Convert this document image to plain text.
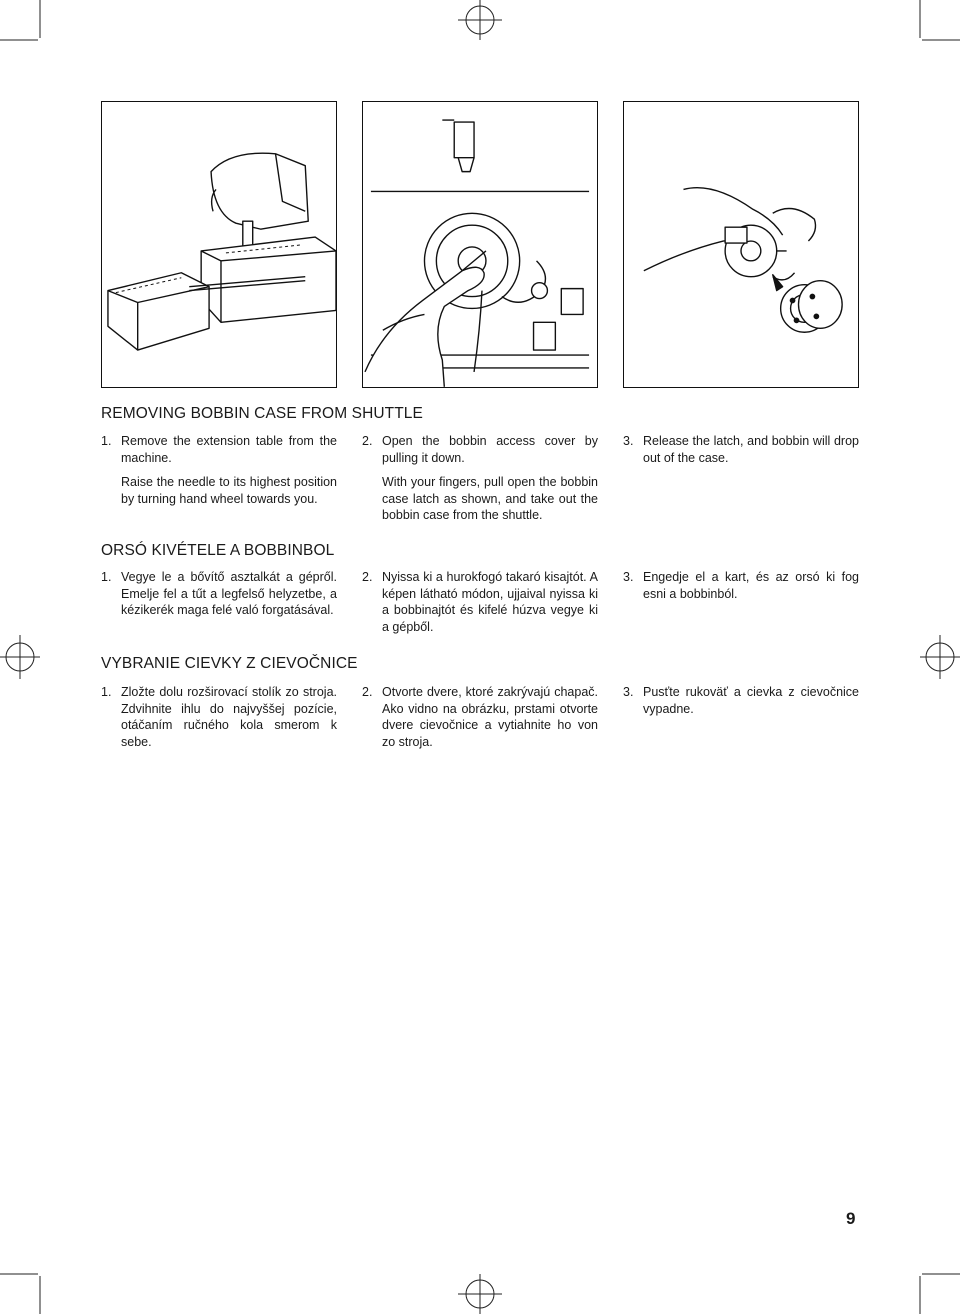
REMOVING BOBBIN CASE FROM SHUTTLE
1. Remove the extension table from the machine.

Raise the needle to its highest position by turning hand wheel towards you.

2. Open the bobbin access cover by pulling it down.

With your fingers, pull open the bobbin case latch as shown, and take out the bobbin case from the shuttle.

3. Release the latch, and bobbin will drop out of the case.

ORSÓ KIVÉTELE A BOBBINBOL
1. Vegye le a bővítő asztalkát a gépről. Emelje fel a tűt a legfelső helyzetbe, a kézikerék maga felé való forgatásával.

2. Nyissa ki a hurokfogó takaró kisajtót. A képen látható módon, ujjaival nyissa ki a bobbinajtót és kifelé húzva vegye ki a gépből.

3. Engedje el a kart, és az orsó ki fog esni a bobbinból.

VYBRANIE CIEVKY Z CIEVOČNICE
1. Zložte dolu rozširovací stolík zo stroja. Zdvihnite ihlu do najvyššej pozície, otáčaním ručného kola smerom k sebe.

2. Otvorte dvere, ktoré zakrývajú chapač. Ako vidno na obrázku, prstami otvorte dvere cievočnice a vytiahnite ho von zo stroja.

3. Pusťte rukoväť a cievka z cievočnice vypadne.

9
